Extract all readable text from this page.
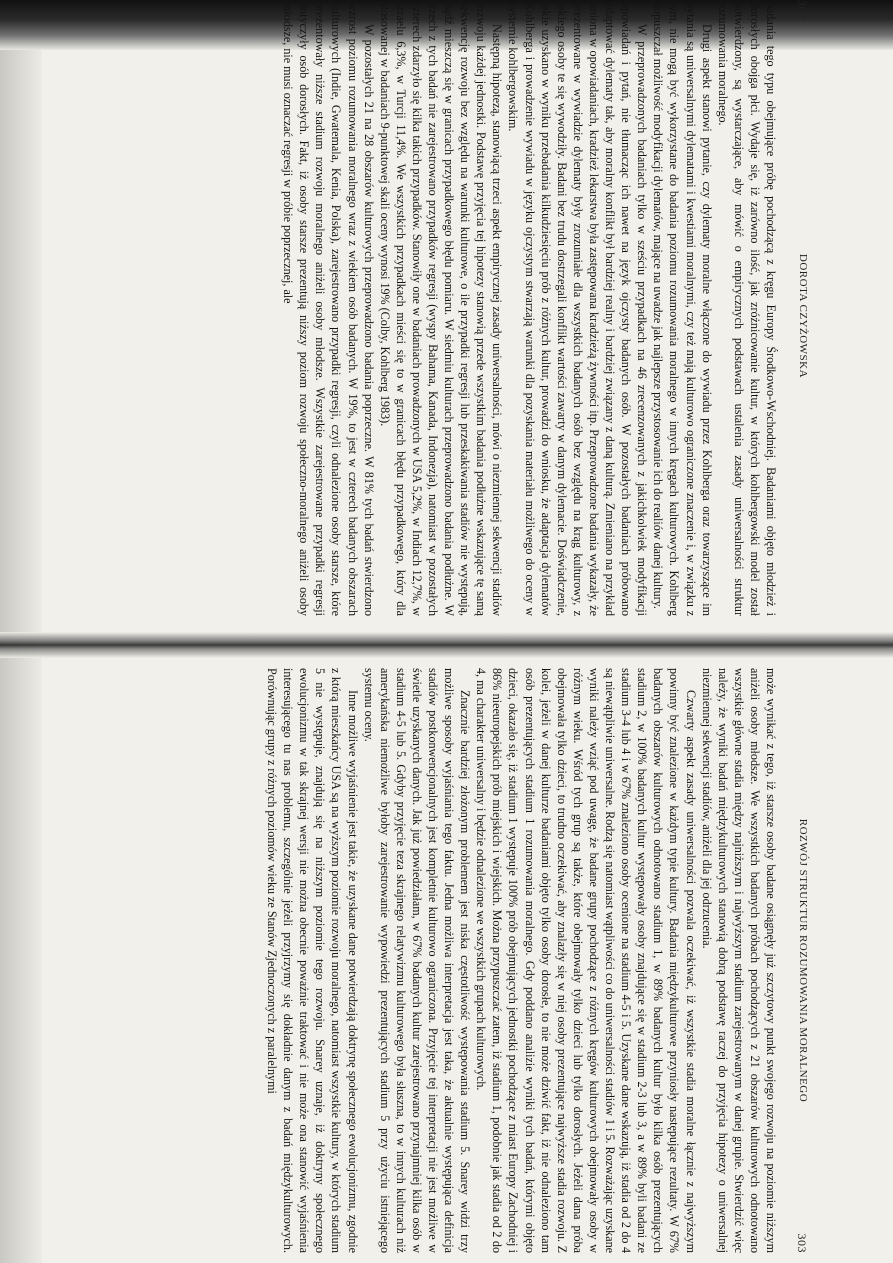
302
DOROTA CZYŻOWSKA

badania tego typu obejmujące próbę pochodzącą z kręgu Europy Środkowo-Wschodniej. Badaniami objęto młodzież i dorosłych obojga płci. Wydaje się, iż zarówno ilość, jak zróżnicowanie kultur, w których kohlbergowski model został potwierdzony, są wystarczające, aby mówić o empirycznych podstawach ustalenia zasady uniwersalności struktur rozumowania moralnego.

Drugi aspekt stanowi pytanie, czy dylematy moralne włączone do wywiadu przez Kohlberga oraz towarzyszące im pytania są uniwersalnymi dylematami i kwestiami moralnymi, czy też mają kulturowo ograniczone znaczenie i, w związku z tym, nie mogą być wykorzystane do badania poziomu rozumowania moralnego w innych kręgach kulturowych. Kohlberg dopuszczał możliwość modyfikacji dylematów, mające na uwadze jak najlepsze przystosowanie ich do realiów danej kultury.

W przeprowadzonych badaniach tylko w sześciu przypadkach na 46 zrecenzowanych z jakichkolwiek modyfikacji opowiadań i pytań, nie tłumacząc ich nawet na język ojczysty badanych osób. W pozostałych badaniach próbowano adaptować dylematy tak, aby moralny konflikt był bardziej realny i bardziej związany z daną kulturą. Zmieniano na przykład imiona w opowiadaniach, kradzież lekarstwa była zastępowana kradzieżą żywności itp. Przeprowadzone badania wykazały, że prezentowane w wywiadzie dylematy były zrozumiałe dla wszystkich badanych osób bez względu na krąg kulturowy, z jakiego osoby te się wywodziły. Badani bez trudu dostrzegali konflikt wartości zawarty w danym dylemacie. Doświadczenie, jakie uzyskano w wyniku przebadania kilkudziesięciu prób z różnych kultur, prowadzi do wniosku, że adaptacja dylematów Kohlberga i prowadzenie wywiadu w języku ojczystym stwarzają warunki dla pozyskania materiału możliwego do oceny w systemie kohlbergowskim.

Następną hipotezą, stanowiącą trzeci aspekt empirycznej zasady uniwersalności, mówi o niezmiennej sekwencji stadiów rozwoju każdej jednostki. Podstawę przyjęcia tej hipotezy stanowią przede wszystkim badania podłużne wskazujące tę samą sekwencję rozwoju bez względu na warunki kulturowe, o ile przypadki regresji lub przeskakiwania stadiów nie występują, bądź mieszczą się w granicach przypadkowego błędu pomiaru. W siedmiu kulturach przeprowadzono badania podłużne. W trzech z tych badań nie zarejestrowano przypadków regresji (wyspy Bahama, Kanada, Indonezja), natomiast w pozostałych czterech zdarzyło się kilka takich przypadków. Stanowiły one w badaniach prowadzonych w USA 5,2%, w Indiach 12,7%, w Izraelu 6,3%, w Turcji 11,4%. We wszystkich przypadkach mieści się to w granicach błędu przypadkowego, który dla stosowanej w badaniach 9-punktowej skali oceny wynosi 19% (Colby, Kohlberg 1983).

W pozostałych 21 na 28 obszarów kulturowych przeprowadzono badania poprzeczne. W 81% tych badań stwierdzono wzrost poziomu rozumowania moralnego wraz z wiekiem osób badanych. W 19%, to jest w czterech badanych obszarach kulturowych (Indie, Gwatemala, Kenia, Polska), zarejestrowano przypadki regresji, czyli odnalezione osoby starsze, które prezentowały niższe stadium rozwoju moralnego aniżeli osoby młodsze. Wszystkie zarejestrowane przypadki regresji dotyczyły osób dorosłych. Fakt, iż osoby starsze prezentują niższy poziom rozwoju społeczno-moralnego aniżeli osoby młodsze, nie musi oznaczać regresji w próbie poprzecznej, ale

ROZWÓJ STRUKTUR ROZUMOWANIA MORALNEGO
303

może wynikać z tego, iż starsze osoby badane osiągnęły już szczytowy punkt swojego rozwoju na poziomie niższym aniżeli osoby młodsze. We wszystkich badanych próbach pochodzących z 21 obszarów kulturowych odnotowano wszystkie główne stadia między najniższym i najwyższym stadium zarejestrowanym w danej grupie. Stwierdzić więc należy, że wyniki badań międzykulturowych stanowią dobrą podstawę raczej do przyjęcia hipotezy o uniwersalnej niezmiennej sekwencji stadiów, aniżeli dla jej odrzucenia.

Czwarty aspekt zasady uniwersalności pozwala oczekiwać, iż wszystkie stadia moralne łącznie z najwyższym powinny być znalezione w każdym typie kultury. Badania międzykulturowe przyniosły następujące rezultaty. W 67% badanych obszarów kulturowych odnotowano stadium 1, w 89% badanych kultur było kilka osób prezentujących stadium 2, w 100% badanych kultur występowały osoby znajdujące się w stadium 2-3 lub 3, a w 89% byli badani ze stadium 3-4 lub 4 i w 67% znaleziono osoby ocenione na stadium 4-5 i 5. Uzyskane dane wskazują, iż stadia od 2 do 4 są niewątpliwie uniwersalne. Rodzą się natomiast wątpliwości co do uniwersalności stadiów 1 i 5. Rozważając uzyskane wyniki należy wziąć pod uwagę, że badane grupy pochodzące z różnych kręgów kulturowych obejmowały osoby w różnym wieku. Wśród tych grup są także, które obejmowały tylko dzieci lub tylko dorosłych. Jeżeli dana próba obejmowała tylko dzieci, to trudno oczekiwać, aby znalazły się w niej osoby prezentujące najwyższe stadia rozwoju. Z kolei, jeżeli w danej kulturze badaniami objęto tylko osoby dorosłe, to nie może dziwić fakt, iż nie odnaleziono tam osób prezentujących stadium 1 rozumowania moralnego. Gdy poddano analizie wyniki tych badań, którymi objęto dzieci, okazało się, iż stadium 1 występuje 100% prób obejmujących jednostki pochodzące z miast Europy Zachodniej i 86% nieeuropejskich prób miejskich i wiejskich. Można przypuszczać zatem, iż stadium 1, podobnie jak stadia od 2 do 4, ma charakter uniwersalny i będzie odnalezione we wszystkich grupach kulturowych.

Znacznie bardziej złożonym problemem jest niska częstotliwość występowania stadium 5. Snarey widzi trzy możliwe sposoby wyjaśniania tego faktu. Jedna możliwa interpretacja jest taka, że aktualnie występująca definicja stadiów postkonwencjonalnych jest kompletnie kulturowo ograniczona. Przyjęcie tej interpretacji nie jest możliwe w świetle uzyskanych danych. Jak już powiedziałam, w 67% badanych kultur zarejestrowano przynajmniej kilka osób w stadium 4-5 lub 5. Gdyby przyjęcie teza skrajnego relatywizmu kulturowego była słuszna, to w innych kulturach niż amerykańska niemożliwe byłoby zarejestrowanie wypowiedzi prezentujących stadium 5 przy użyciu istniejącego systemu oceny.

Inne możliwe wyjaśnienie jest takie, że uzyskane dane potwierdzają doktrynę społecznego ewolucjonizmu, zgodnie z którą mieszkańcy USA są na wyższym poziomie rozwoju moralnego, natomiast wszystkie kultury, w których stadium 5 nie występuje, znajdują się na niższym poziomie tego rozwoju. Snarey uznaje, iż doktryny społecznego ewolucjonizmu w tak skrajnej wersji nie można obecnie poważnie traktować i nie może ona stanowić wyjaśnienia interesującego tu nas problemu, szczególnie jeżeli przyjrzymy się dokładnie danym z badań międzykulturowych. Porównując grupy z różnych poziomów wieku ze Stanów Zjednoczonych z paralelnymi
